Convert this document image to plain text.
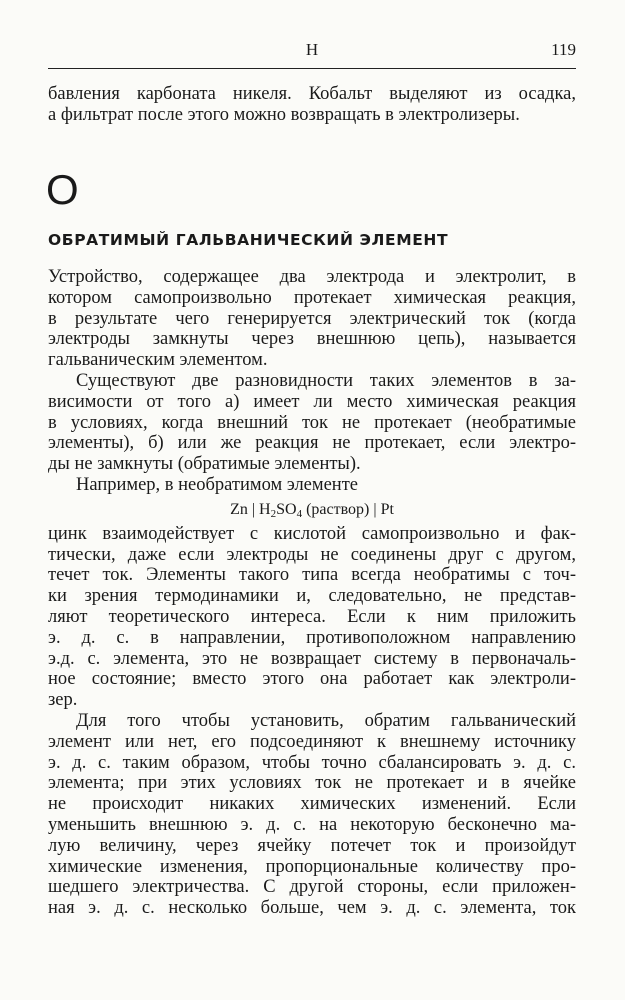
Н	119
бавления карбоната никеля. Кобальт выделяют из осадка,
а фильтрат после этого можно возвращать в электролизеры.
О
ОБРАТИМЫЙ ГАЛЬВАНИЧЕСКИЙ ЭЛЕМЕНТ
Устройство, содержащее два электрода и электролит, в
котором самопроизвольно протекает химическая реакция,
в результате чего генерируется электрический ток (когда
электроды замкнуты через внешнюю цепь), называется
гальваническим элементом.
Существуют две разновидности таких элементов в за-
висимости от того а) имеет ли место химическая реакция
в условиях, когда внешний ток не протекает (необратимые
элементы), б) или же реакция не протекает, если электро-
ды не замкнуты (обратимые элементы).
Например, в необратимом элементе
Zn | $H_2SO_4$ (раствор) | Pt
цинк взаимодействует с кислотой самопроизвольно и фак-
тически, даже если электроды не соединены друг с другом,
течет ток. Элементы такого типа всегда необратимы с точ-
ки зрения термодинамики и, следовательно, не представ-
ляют теоретического интереса. Если к ним приложить
э. д. с. в направлении, противоположном направлению
э.д. с. элемента, это не возвращает систему в первоначаль-
ное состояние; вместо этого она работает как электроли-
зер.
Для того чтобы установить, обратим гальванический
элемент или нет, его подсоединяют к внешнему источнику
э. д. с. таким образом, чтобы точно сбалансировать э. д. с.
элемента; при этих условиях ток не протекает и в ячейке
не происходит никаких химических изменений. Если
уменьшить внешнюю э. д. с. на некоторую бесконечно ма-
лую величину, через ячейку потечет ток и произойдут
химические изменения, пропорциональные количеству про-
шедшего электричества. С другой стороны, если приложен-
ная э. д. с. несколько больше, чем э. д. с. элемента, ток
